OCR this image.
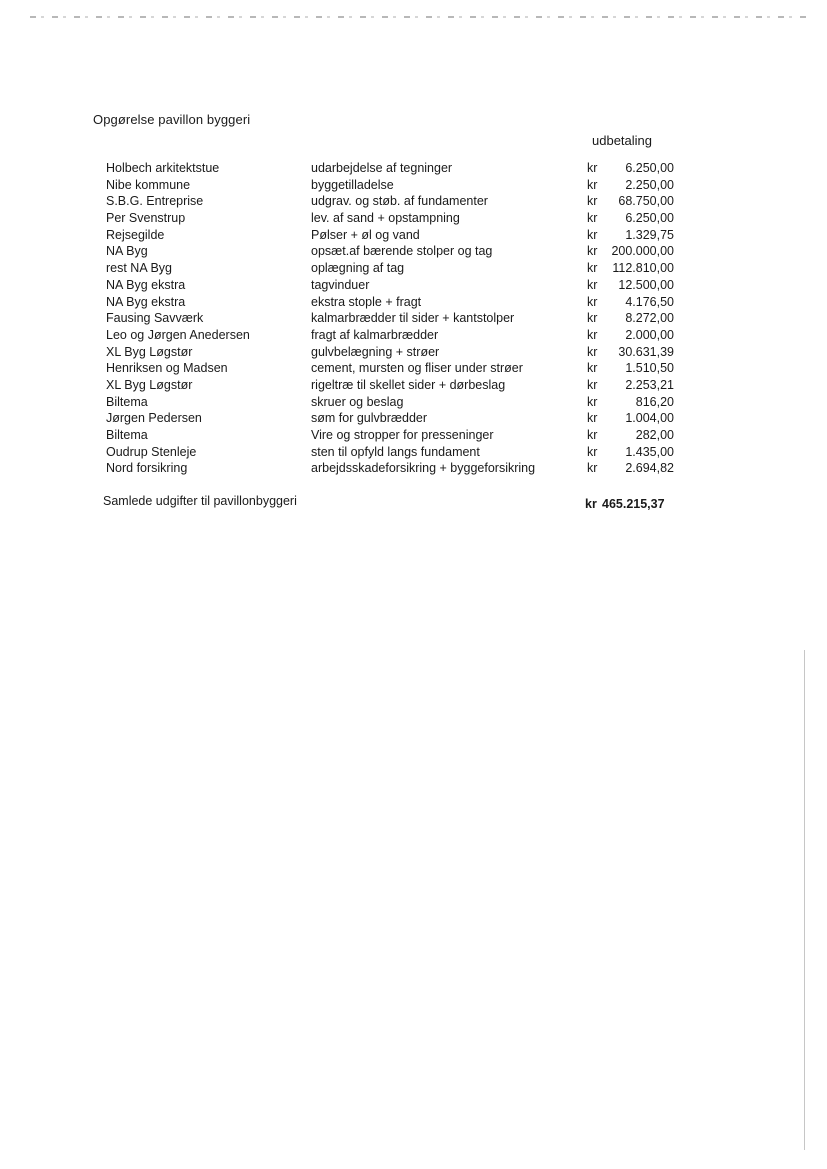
Opgørelse pavillon byggeri
udbetaling
Holbech arkitektstue	udarbejdelse af tegninger	kr 6.250,00
Nibe kommune	byggetilladelse	kr 2.250,00
S.B.G. Entreprise	udgrav. og støb. af fundamenter	kr 68.750,00
Per Svenstrup	lev. af sand + opstampning	kr 6.250,00
Rejsegilde	Pølser + øl og vand	kr 1.329,75
NA Byg	opsæt.af bærende stolper og tag	kr 200.000,00
rest NA Byg	oplægning af tag	kr 112.810,00
NA Byg ekstra	tagvinduer	kr 12.500,00
NA Byg ekstra	ekstra stople + fragt	kr 4.176,50
Fausing Savværk	kalmarbrædder til sider + kantstolper	kr 8.272,00
Leo og Jørgen Anedersen	fragt af kalmarbrædder	kr 2.000,00
XL Byg Løgstør	gulvbelægning + strøer	kr 30.631,39
Henriksen og Madsen	cement, mursten og fliser under strøer	kr 1.510,50
XL Byg Løgstør	rigeltræ til skellet sider + dørbeslag	kr 2.253,21
Biltema	skruer og beslag	kr	816,20
Jørgen Pedersen	søm for gulvbrædder	kr 1.004,00
Biltema	Vire og stropper for presseninger	kr	282,00
Oudrup Stenleje	sten til opfyld langs fundament	kr 1.435,00
Nord forsikring	arbejdsskadeforsikring + byggeforsikring	kr 2.694,82
Samlede udgifter til pavillonbyggeri	kr 465.215,37
